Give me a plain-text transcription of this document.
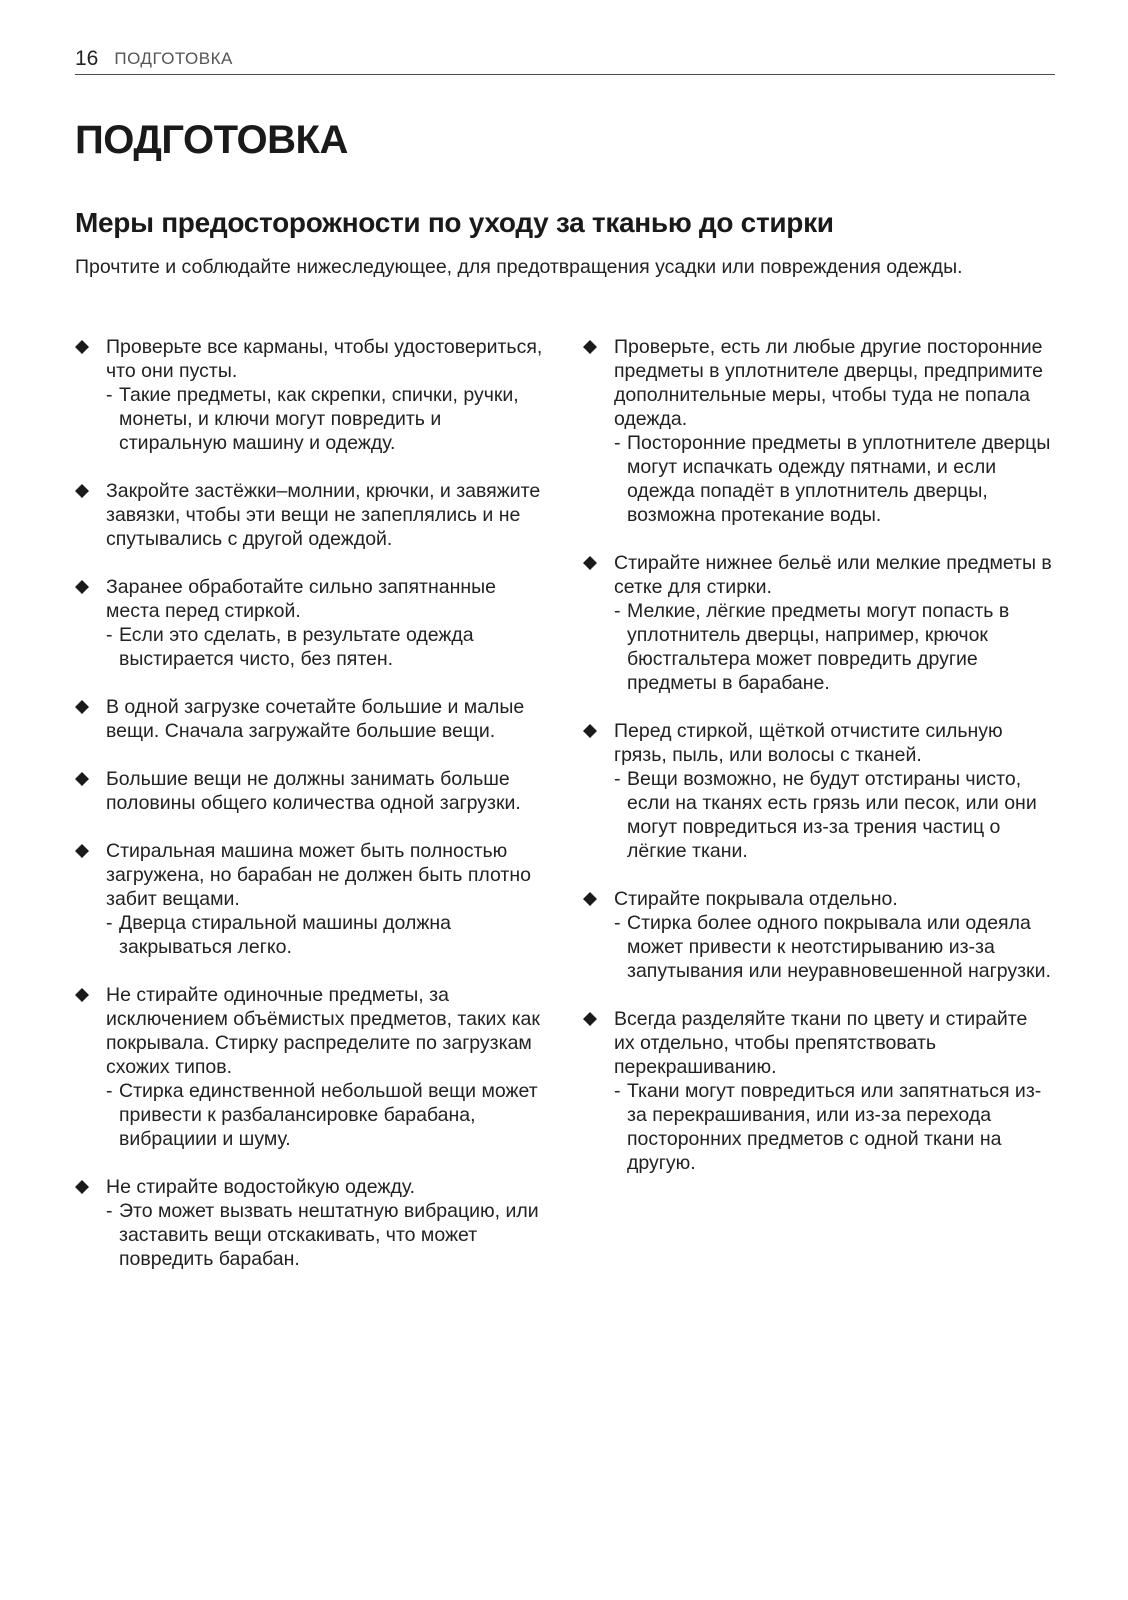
16 ПОДГОТОВКА
ПОДГОТОВКА
Меры предосторожности по уходу за тканью до стирки

Прочтите и соблюдайте нижеследующее, для предотвращения усадки или повреждения одежды.

Проверьте все карманы, чтобы удостовериться, что они пусты.
- Такие предметы, как скрепки, спички, ручки, монеты, и ключи могут повредить и стиральную машину и одежду.
Закройте застёжки–молнии, крючки, и завяжите завязки, чтобы эти вещи не запеплялись и не спутывались с другой одеждой.
Заранее обработайте сильно запятнанные места перед стиркой.
- Если это сделать, в результате одежда выстирается чисто, без пятен.
В одной загрузке сочетайте большие и малые вещи. Сначала загружайте большие вещи.
Большие вещи не должны занимать больше половины общего количества одной загрузки.
Стиральная машина может быть полностью загружена, но барабан не должен быть плотно забит вещами.
- Дверца стиральной машины должна закрываться легко.
Не стирайте одиночные предметы, за исключением объёмистых предметов, таких как покрывала. Стирку распределите по загрузкам схожих типов.
- Стирка единственной небольшой вещи может привести к разбалансировке барабана, вибрациии и шуму.
Не стирайте водостойкую одежду.
- Это может вызвать нештатную вибрацию, или заставить вещи отскакивать, что может повредить барабан.
Проверьте, есть ли любые другие посторонние предметы в уплотнителе дверцы, предпримите дополнительные меры, чтобы туда не попала одежда.
- Посторонние предметы в уплотнителе дверцы могут испачкать одежду пятнами, и если одежда попадёт в уплотнитель дверцы, возможна протекание воды.
Стирайте нижнее бельё или мелкие предметы в сетке для стирки.
- Мелкие, лёгкие предметы могут попасть в уплотнитель дверцы, например, крючок бюстгальтера может повредить другие предметы в барабане.
Перед стиркой, щёткой отчистите сильную грязь, пыль, или волосы с тканей.
- Вещи возможно, не будут отстираны чисто, если на тканях есть грязь или песок, или они могут повредиться из-за трения частиц о лёгкие ткани.
Стирайте покрывала отдельно.
- Стирка более одного покрывала или одеяла может привести к неотстирыванию из-за запутывания или неуравновешенной нагрузки.
Всегда разделяйте ткани по цвету и стирайте их отдельно, чтобы препятствовать перекрашиванию.
- Ткани могут повредиться или запятнаться из-за перекрашивания, или из-за перехода посторонних предметов с одной ткани на другую.
